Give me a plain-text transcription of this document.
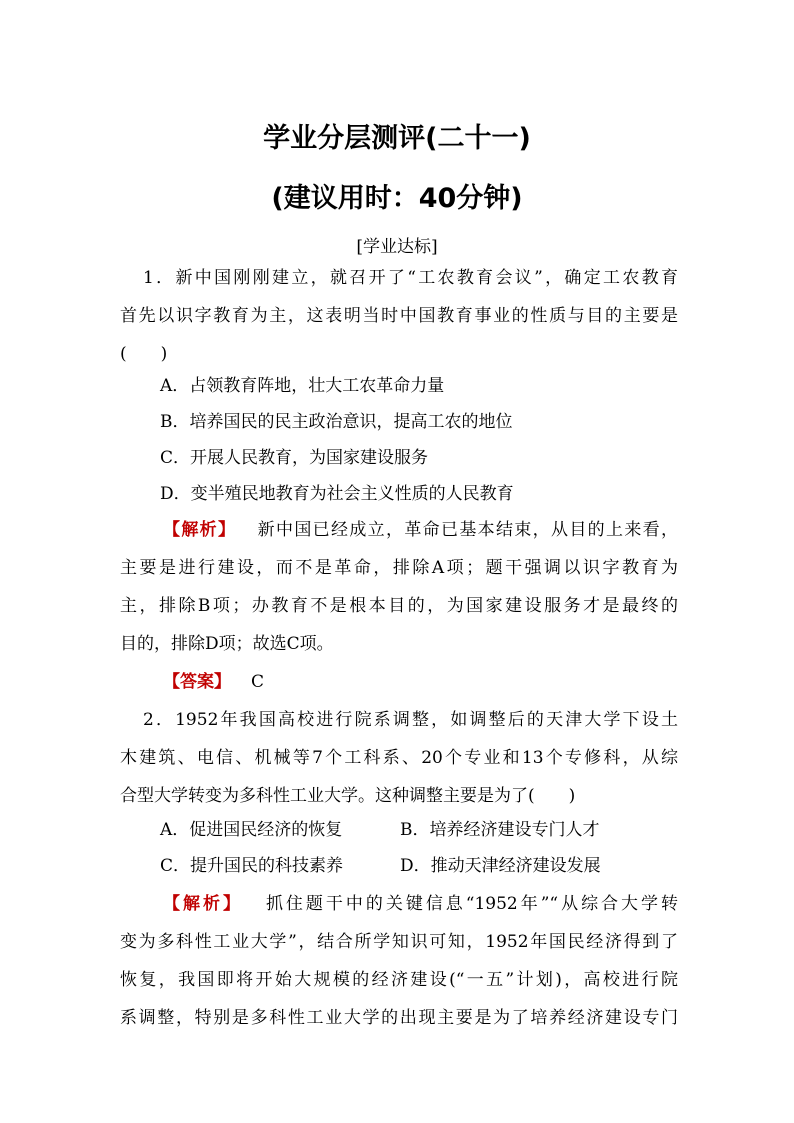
学业分层测评(二十一)
(建议用时：40分钟)
[学业达标]
1．新中国刚刚建立，就召开了“工农教育会议”，确定工农教育
首先以识字教育为主，这表明当时中国教育事业的性质与目的主要是
(　　)
A．占领教育阵地，壮大工农革命力量
B．培养国民的民主政治意识，提高工农的地位
C．开展人民教育，为国家建设服务
D．变半殖民地教育为社会主义性质的人民教育
【解析】 新中国已经成立，革命已基本结束，从目的上来看，
主要是进行建设，而不是革命，排除A项；题干强调以识字教育为
主，排除B项；办教育不是根本目的，为国家建设服务才是最终的
目的，排除D项；故选C项。
【答案】 C
2．1952年我国高校进行院系调整，如调整后的天津大学下设土
木建筑、电信、机械等7个工科系、20个专业和13个专修科，从综
合型大学转变为多科性工业大学。这种调整主要是为了(　　)
A．促进国民经济的恢复	B．培养经济建设专门人才
C．提升国民的科技素养	D．推动天津经济建设发展
【解析】 抓住题干中的关键信息“1952年”“从综合大学转
变为多科性工业大学”，结合所学知识可知，1952年国民经济得到了
恢复，我国即将开始大规模的经济建设(“一五”计划)，高校进行院
系调整，特别是多科性工业大学的出现主要是为了培养经济建设专门
